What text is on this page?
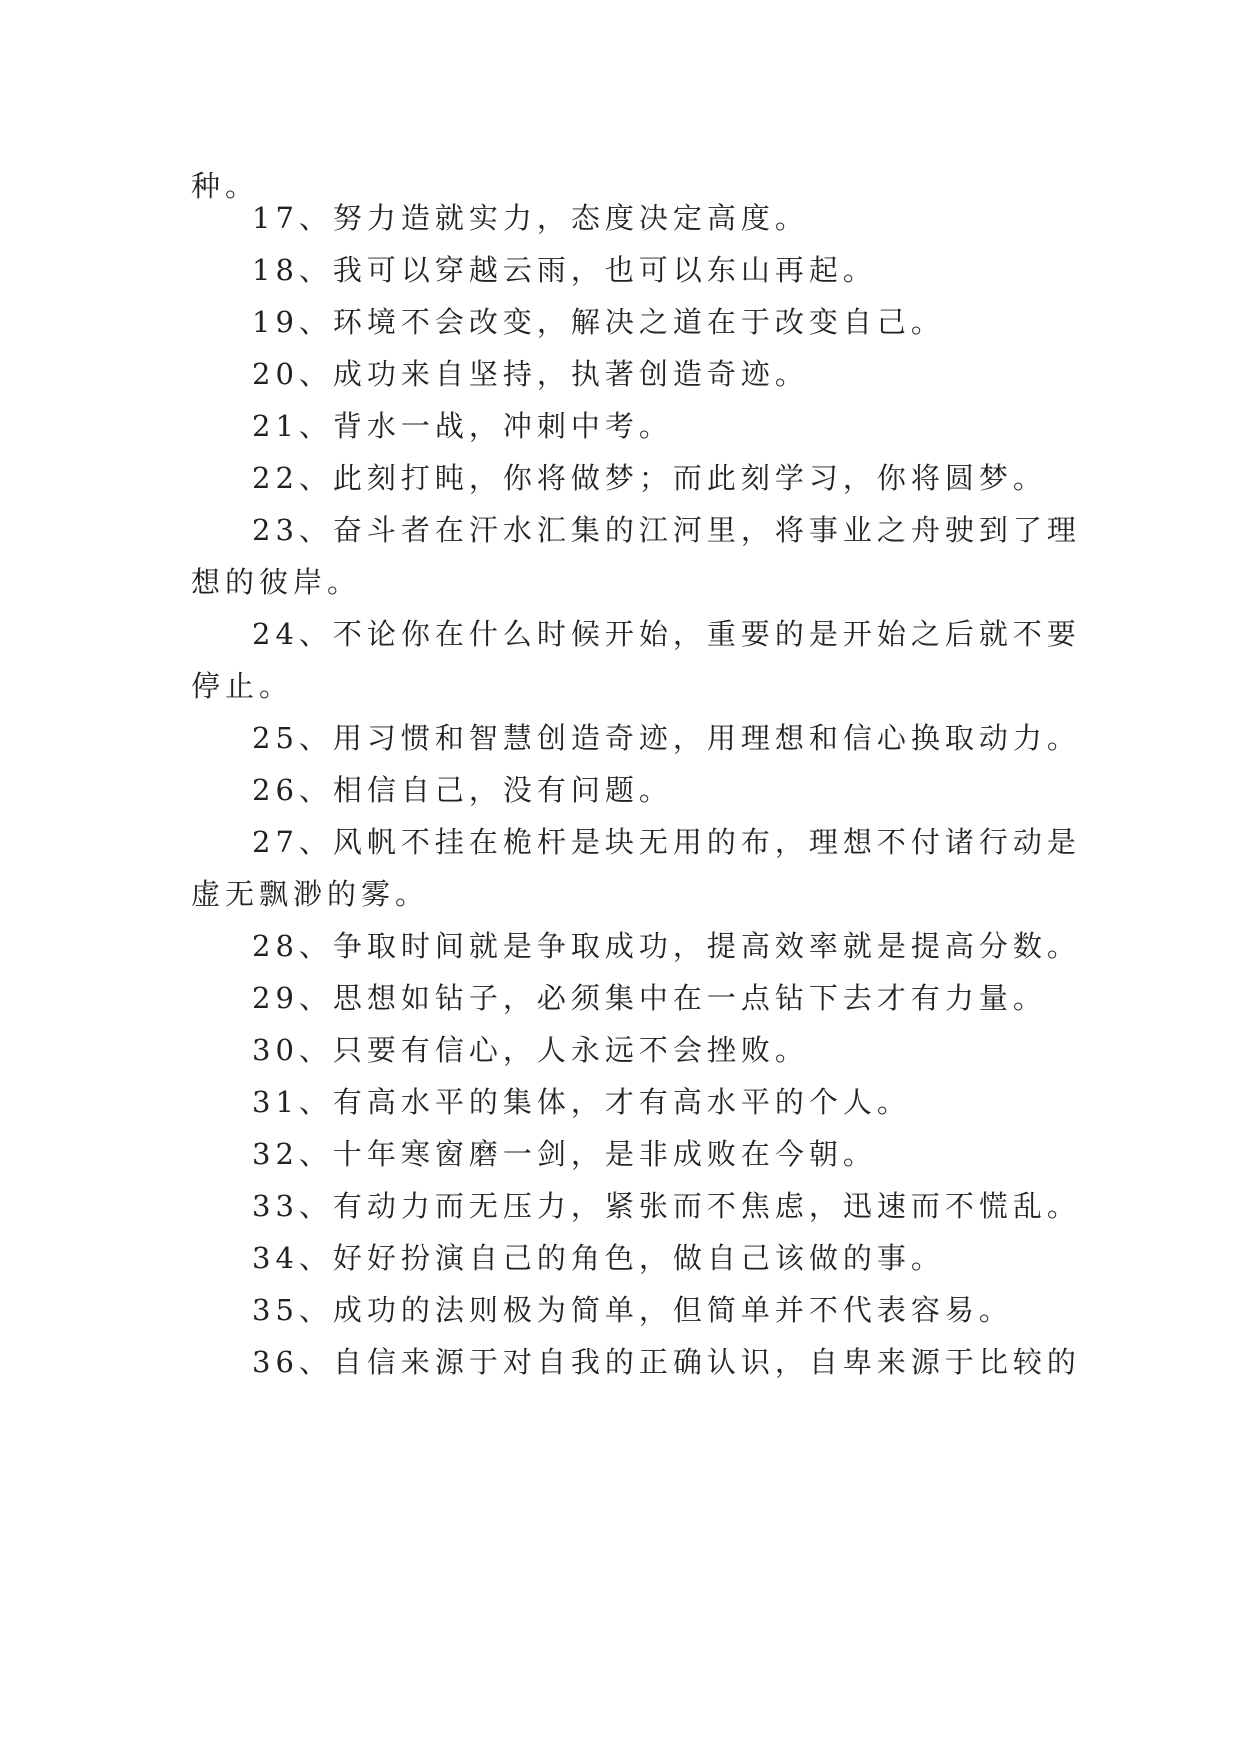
种。
17、努力造就实力，态度决定高度。
18、我可以穿越云雨，也可以东山再起。
19、环境不会改变，解决之道在于改变自己。
20、成功来自坚持，执著创造奇迹。
21、背水一战，冲刺中考。
22、此刻打盹，你将做梦；而此刻学习，你将圆梦。
23、奋斗者在汗水汇集的江河里，将事业之舟驶到了理
想的彼岸。
24、不论你在什么时候开始，重要的是开始之后就不要
停止。
25、用习惯和智慧创造奇迹，用理想和信心换取动力。
26、相信自己，没有问题。
27、风帆不挂在桅杆是块无用的布，理想不付诸行动是
虚无飘渺的雾。
28、争取时间就是争取成功，提高效率就是提高分数。
29、思想如钻子，必须集中在一点钻下去才有力量。
30、只要有信心，人永远不会挫败。
31、有高水平的集体，才有高水平的个人。
32、十年寒窗磨一剑，是非成败在今朝。
33、有动力而无压力，紧张而不焦虑，迅速而不慌乱。
34、好好扮演自己的角色，做自己该做的事。
35、成功的法则极为简单，但简单并不代表容易。
36、自信来源于对自我的正确认识，自卑来源于比较的
